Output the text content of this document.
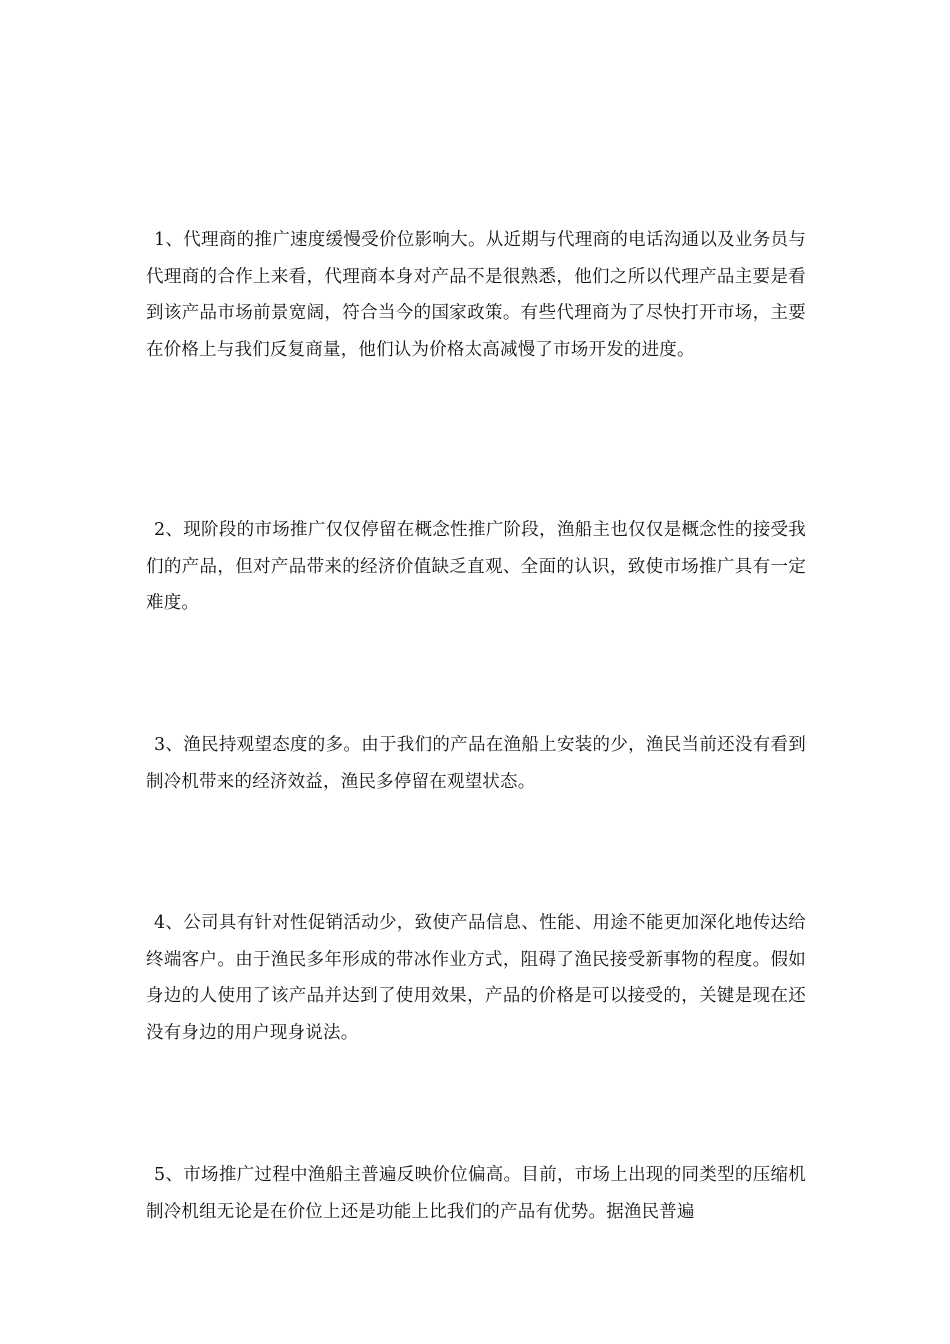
1、代理商的推广速度缓慢受价位影响大。从近期与代理商的电话沟通以及业务员与代理商的合作上来看，代理商本身对产品不是很熟悉，他们之所以代理产品主要是看到该产品市场前景宽阔，符合当今的国家政策。有些代理商为了尽快打开市场，主要在价格上与我们反复商量，他们认为价格太高减慢了市场开发的进度。

2、现阶段的市场推广仅仅停留在概念性推广阶段，渔船主也仅仅是概念性的接受我们的产品，但对产品带来的经济价值缺乏直观、全面的认识，致使市场推广具有一定难度。

3、渔民持观望态度的多。由于我们的产品在渔船上安装的少，渔民当前还没有看到制冷机带来的经济效益，渔民多停留在观望状态。

4、公司具有针对性促销活动少，致使产品信息、性能、用途不能更加深化地传达给终端客户。由于渔民多年形成的带冰作业方式，阻碍了渔民接受新事物的程度。假如身边的人使用了该产品并达到了使用效果，产品的价格是可以接受的，关键是现在还没有身边的用户现身说法。

5、市场推广过程中渔船主普遍反映价位偏高。目前，市场上出现的同类型的压缩机制冷机组无论是在价位上还是功能上比我们的产品有优势。据渔民普遍
